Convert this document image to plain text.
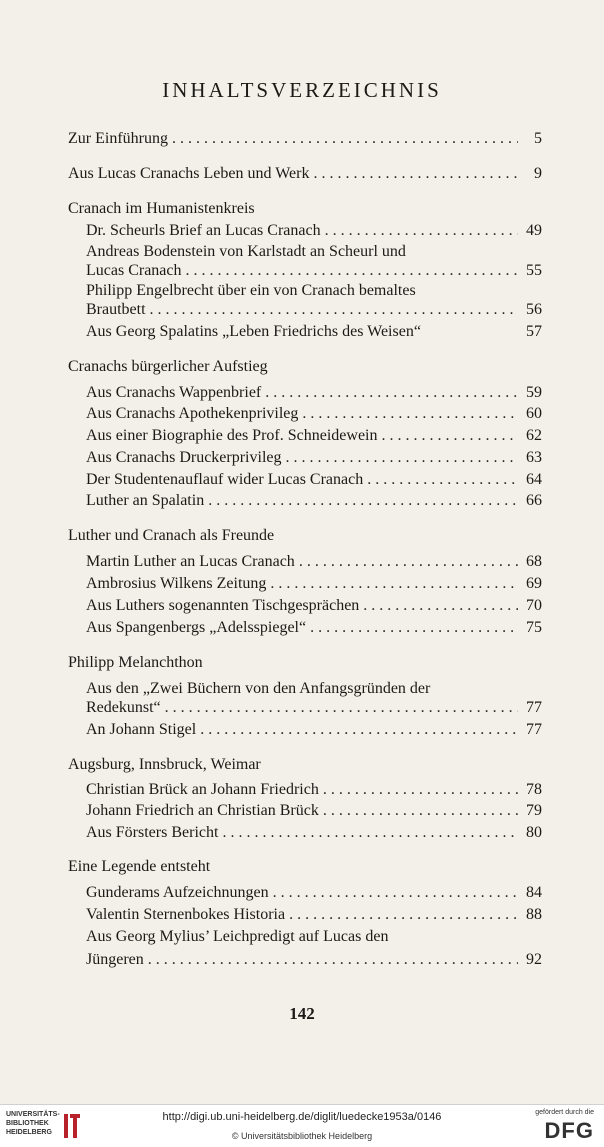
INHALTSVERZEICHNIS
Zur Einführung . . .	5
Aus Lucas Cranachs Leben und Werk . . .	9
Cranach im Humanistenkreis
Dr. Scheurls Brief an Lucas Cranach . . .	49
Andreas Bodenstein von Karlstadt an Scheurl und
Lucas Cranach . . .	55
Philipp Engelbrecht über ein von Cranach bemaltes
Brautbett . . .	56
Aus Georg Spalatins „Leben Friedrichs des Weisen“	57
Cranachs bürgerlicher Aufstieg
Aus Cranachs Wappenbrief . . .	59
Aus Cranachs Apothekenprivileg . . .	60
Aus einer Biographie des Prof. Schneidewein . . .	62
Aus Cranachs Druckerprivileg . . .	63
Der Studentenauflauf wider Lucas Cranach . . .	64
Luther an Spalatin . . .	66
Luther und Cranach als Freunde
Martin Luther an Lucas Cranach . . .	68
Ambrosius Wilkens Zeitung . . .	69
Aus Luthers sogenannten Tischgesprächen . . .	70
Aus Spangenbergs „Adelsspiegel“ . . .	75
Philipp Melanchthon
Aus den „Zwei Büchern von den Anfangsgründen der
Redekunst“ . . .	77
An Johann Stigel . . .	77
Augsburg, Innsbruck, Weimar
Christian Brück an Johann Friedrich . . .	78
Johann Friedrich an Christian Brück . . .	79
Aus Försters Bericht . . .	80
Eine Legende entsteht
Gunderams Aufzeichnungen . . .	84
Valentin Sternenbokes Historia . . .	88
Aus Georg Mylius’ Leichpredigt auf Lucas den
Jüngeren . . .	92
142
UNIVERSITÄTS-
BIBLIOTHEK
HEIDELBERG
http://digi.ub.uni-heidelberg.de/diglit/luedecke1953a/0146
© Universitätsbibliothek Heidelberg
gefördert durch die
DFG
